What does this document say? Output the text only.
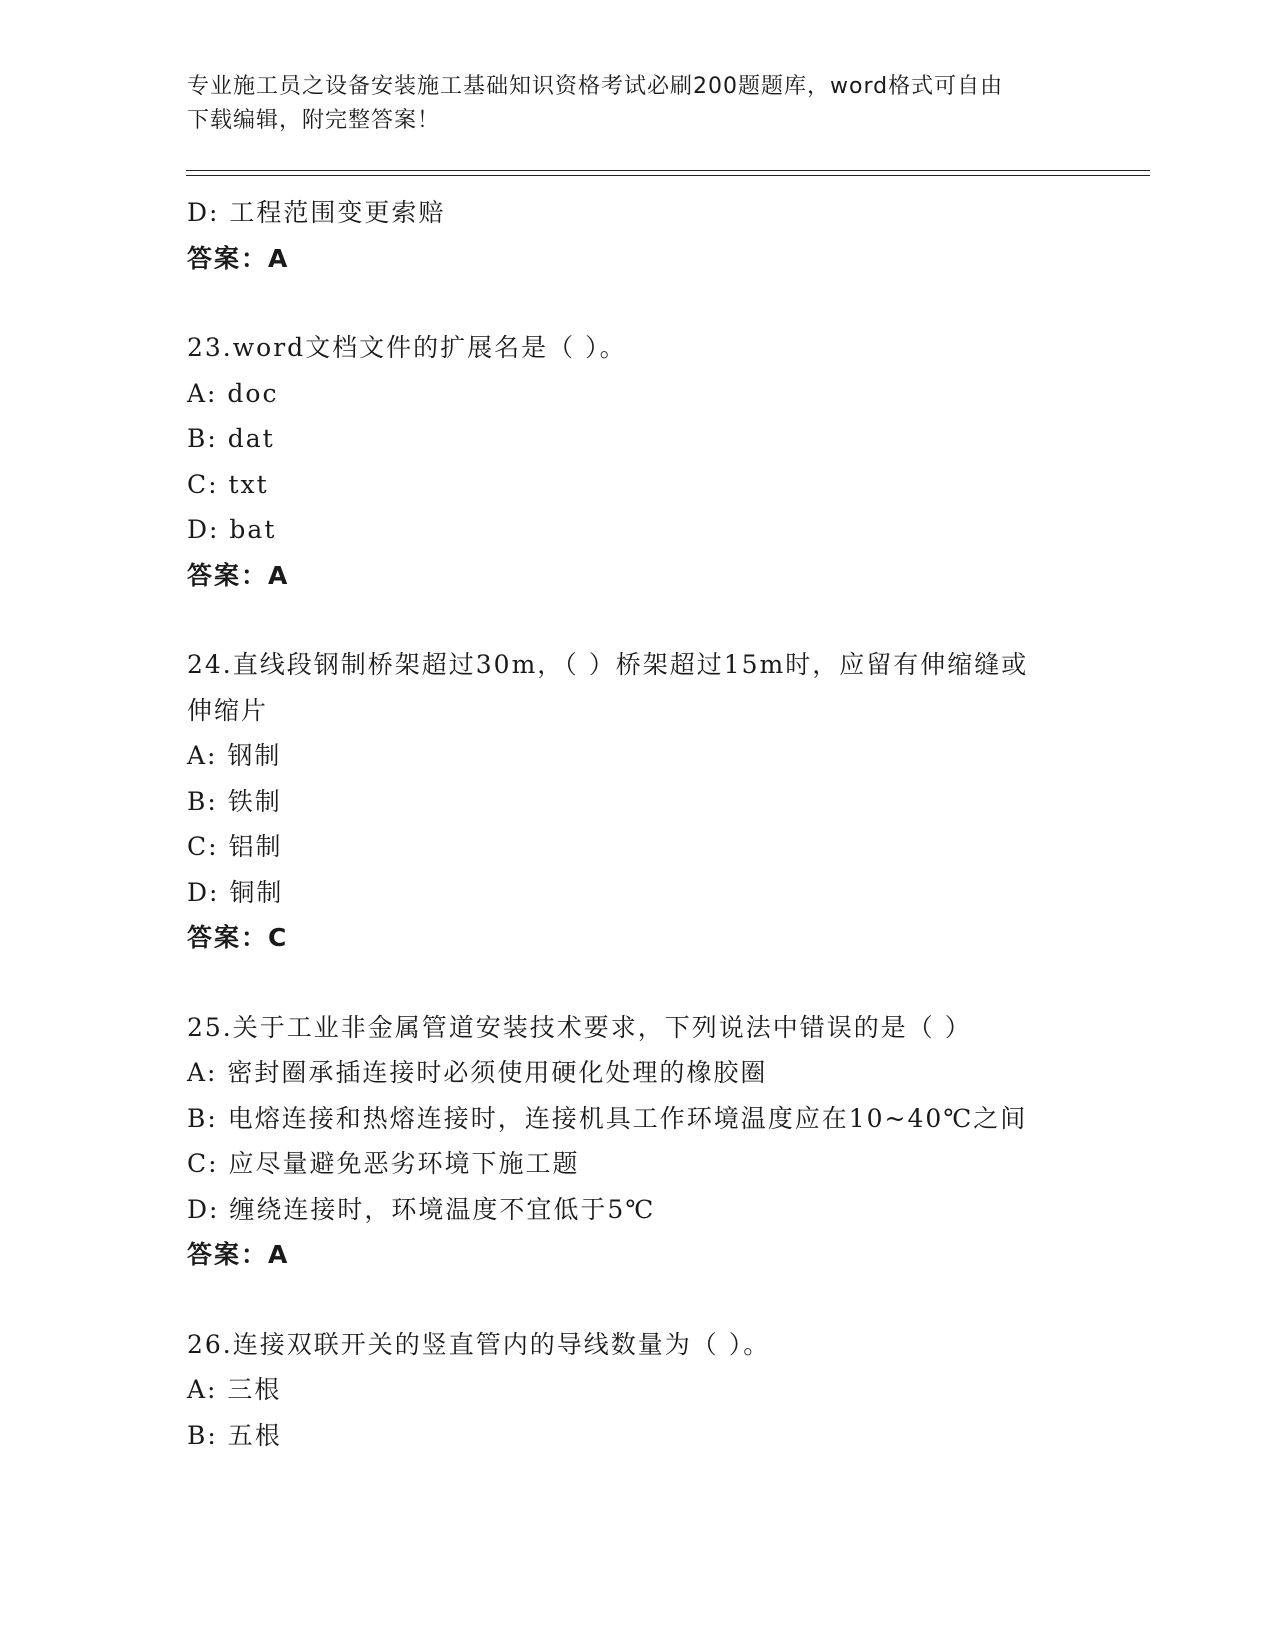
专业施工员之设备安装施工基础知识资格考试必刷200题题库，word格式可自由
下载编辑，附完整答案！
D: 工程范围变更索赔
答案：A
23.word文档文件的扩展名是（ ）。
A: doc
B: dat
C: txt
D: bat
答案：A
24.直线段钢制桥架超过30m，（ ）桥架超过15m时，应留有伸缩缝或
伸缩片
A: 钢制
B: 铁制
C: 铝制
D: 铜制
答案：C
25.关于工业非金属管道安装技术要求，下列说法中错误的是（ ）
A: 密封圈承插连接时必须使用硬化处理的橡胶圈
B: 电熔连接和热熔连接时，连接机具工作环境温度应在10~40℃之间
C: 应尽量避免恶劣环境下施工题
D: 缠绕连接时，环境温度不宜低于5℃
答案：A
26.连接双联开关的竖直管内的导线数量为（ ）。
A: 三根
B: 五根
